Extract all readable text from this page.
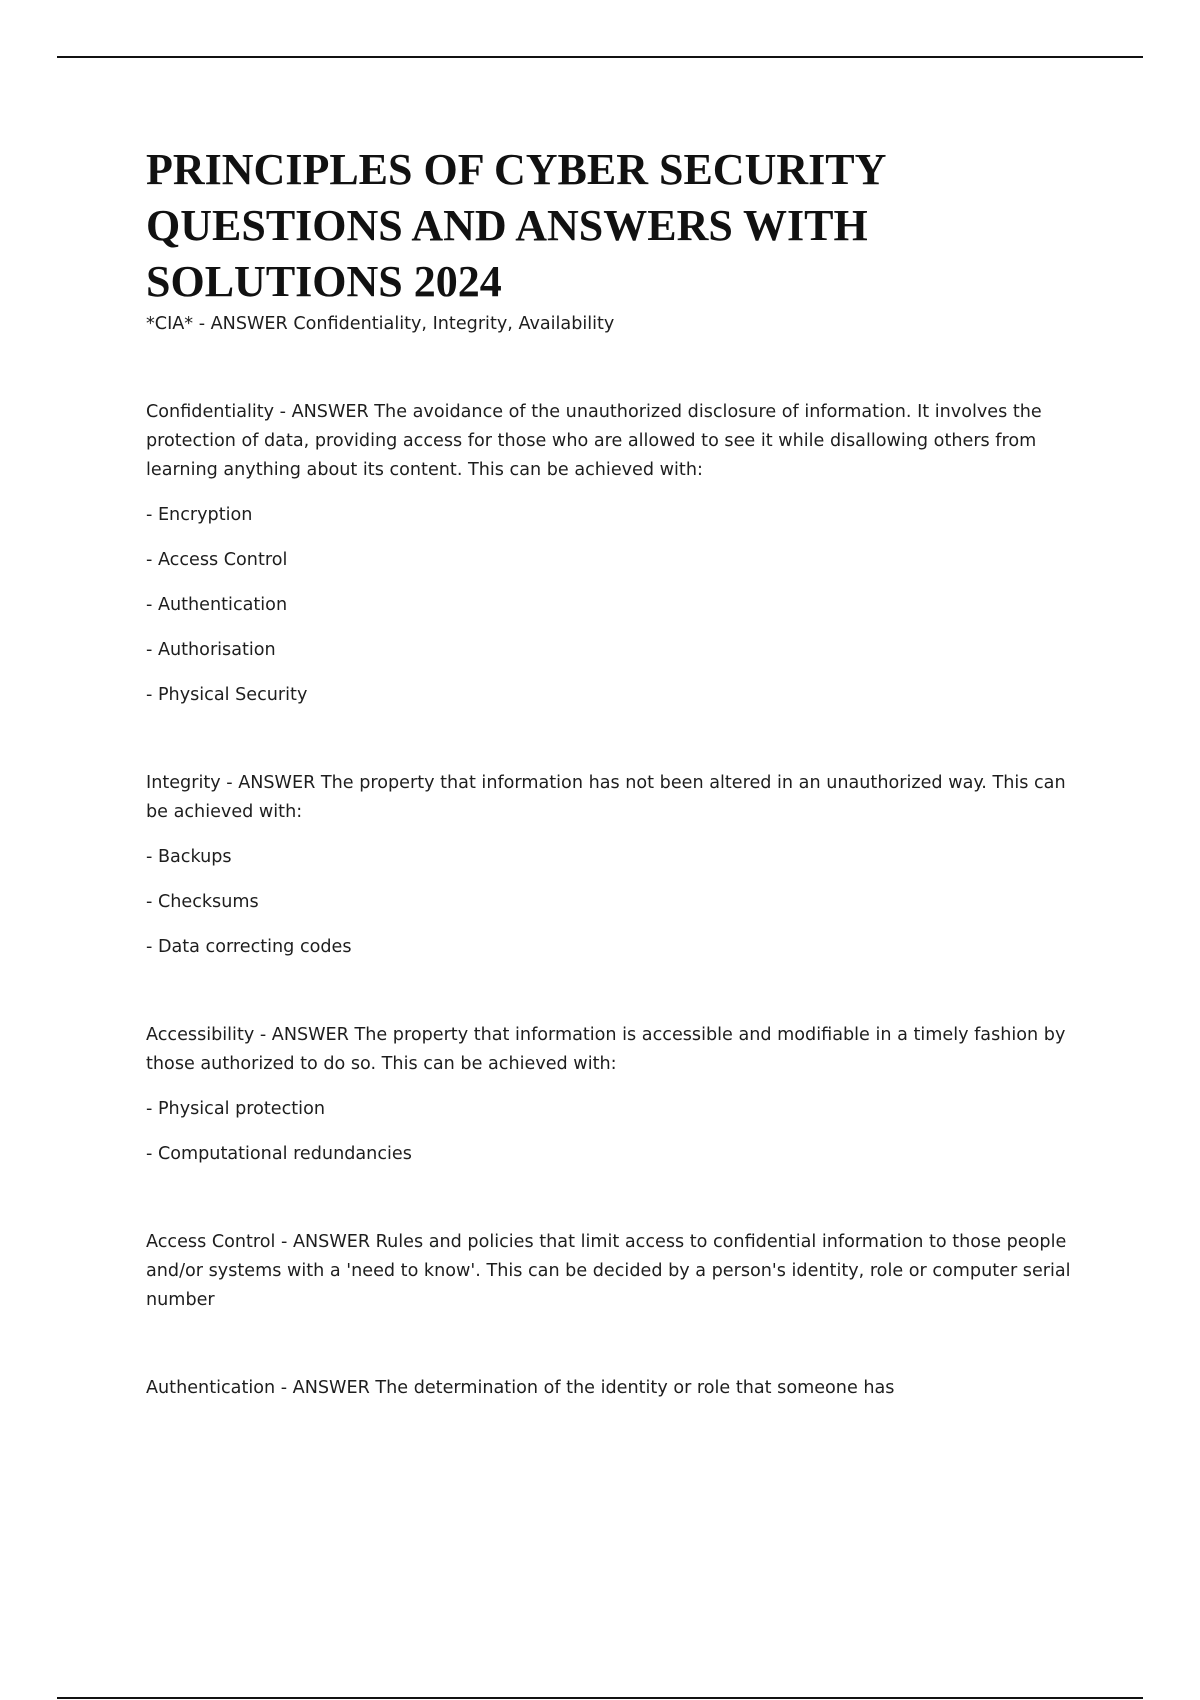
PRINCIPLES OF CYBER SECURITY QUESTIONS AND ANSWERS WITH SOLUTIONS 2024

*CIA* - ANSWER Confidentiality, Integrity, Availability

Confidentiality - ANSWER The avoidance of the unauthorized disclosure of information. It involves the protection of data, providing access for those who are allowed to see it while disallowing others from learning anything about its content. This can be achieved with:

- Encryption
- Access Control
- Authentication
- Authorisation
- Physical Security

Integrity - ANSWER The property that information has not been altered in an unauthorized way. This can be achieved with:

- Backups
- Checksums
- Data correcting codes

Accessibility - ANSWER The property that information is accessible and modifiable in a timely fashion by those authorized to do so. This can be achieved with:

- Physical protection
- Computational redundancies

Access Control - ANSWER Rules and policies that limit access to confidential information to those people and/or systems with a 'need to know'. This can be decided by a person's identity, role or computer serial number

Authentication - ANSWER The determination of the identity or role that someone has
